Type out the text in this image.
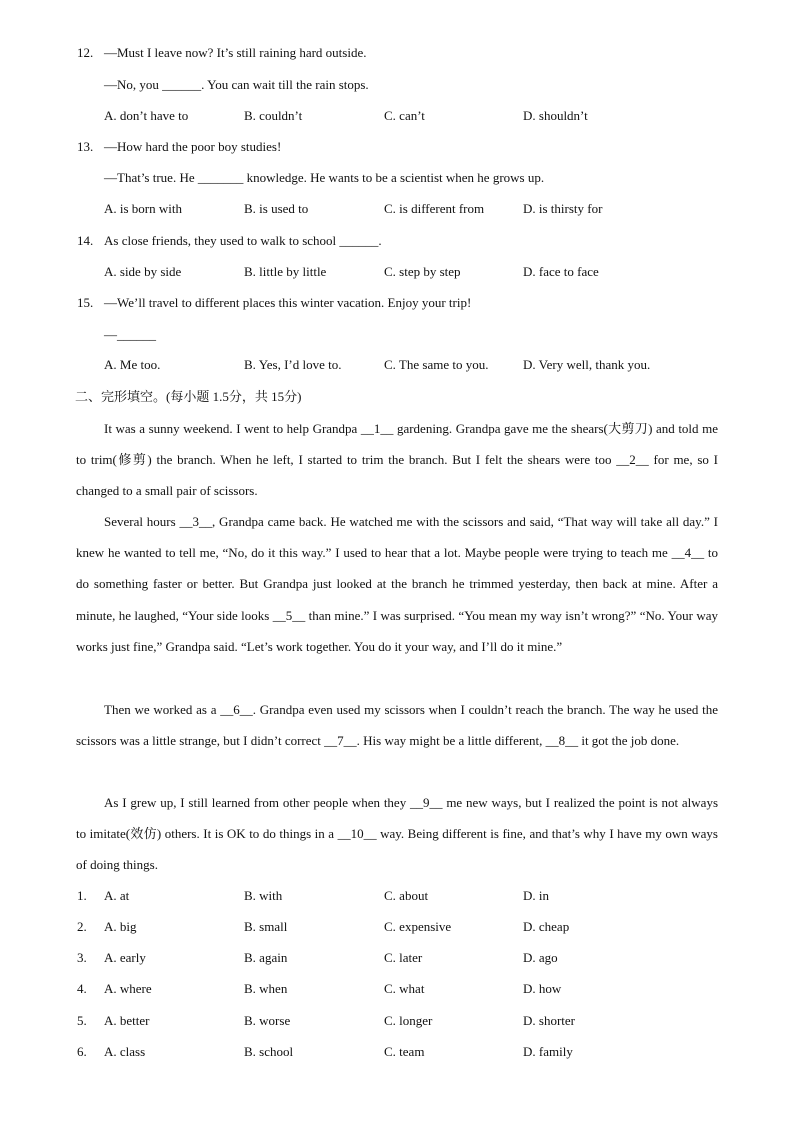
12. —Must I leave now? It’s still raining hard outside.
—No, you ______. You can wait till the rain stops.
A. don’t have to	B. couldn’t	C. can’t	D. shouldn’t
13. —How hard the poor boy studies!
—That’s true. He _______ knowledge. He wants to be a scientist when he grows up.
A. is born with	B. is used to	C. is different from	D. is thirsty for
14. As close friends, they used to walk to school ______.
A. side by side	B. little by little	C. step by step	D. face to face
15. —We’ll travel to different places this winter vacation. Enjoy your trip!
—______
A. Me too.	B. Yes, I’d love to.	C. The same to you.	D. Very well, thank you.
二、完形填空。(每小题 1.5分，共 15分)
It was a sunny weekend. I went to help Grandpa __1__ gardening. Grandpa gave me the shears(大剪刀) and told me to trim(修剪) the branch. When he left, I started to trim the branch. But I felt the shears were too __2__ for me, so I changed to a small pair of scissors.
Several hours __3__, Grandpa came back. He watched me with the scissors and said, “That way will take all day.” I knew he wanted to tell me, “No, do it this way.” I used to hear that a lot. Maybe people were trying to teach me __4__ to do something faster or better. But Grandpa just looked at the branch he trimmed yesterday, then back at mine. After a minute, he laughed, “Your side looks __5__ than mine.” I was surprised. “You mean my way isn’t wrong?” “No. Your way works just fine,” Grandpa said. “Let’s work together. You do it your way, and I’ll do it mine.”
Then we worked as a __6__. Grandpa even used my scissors when I couldn’t reach the branch. The way he used the scissors was a little strange, but I didn’t correct __7__. His way might be a little different, __8__ it got the job done.
As I grew up, I still learned from other people when they __9__ me new ways, but I realized the point is not always to imitate(效仿) others. It is OK to do things in a __10__ way. Being different is fine, and that’s why I have my own ways of doing things.
1. A. at	B. with	C. about	D. in
2. A. big	B. small	C. expensive	D. cheap
3. A. early	B. again	C. later	D. ago
4. A. where	B. when	C. what	D. how
5. A. better	B. worse	C. longer	D. shorter
6. A. class	B. school	C. team	D. family
